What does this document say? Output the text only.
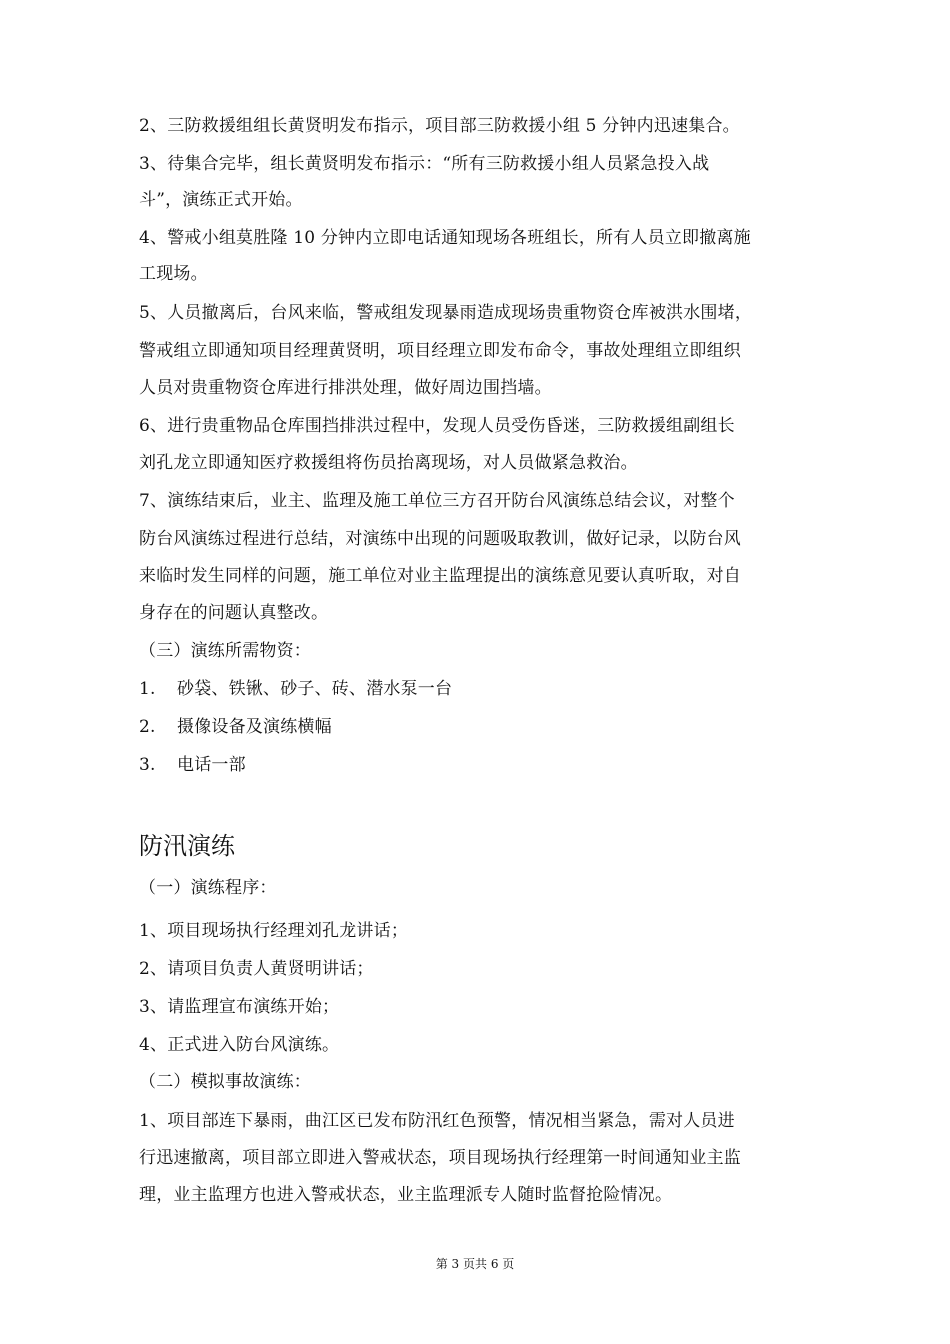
2、三防救援组组长黄贤明发布指示，项目部三防救援小组 5 分钟内迅速集合。
3、待集合完毕，组长黄贤明发布指示：“所有三防救援小组人员紧急投入战
斗”，演练正式开始。
4、警戒小组莫胜隆 10 分钟内立即电话通知现场各班组长，所有人员立即撤离施
工现场。
5、人员撤离后，台风来临，警戒组发现暴雨造成现场贵重物资仓库被洪水围堵，
警戒组立即通知项目经理黄贤明，项目经理立即发布命令，事故处理组立即组织
人员对贵重物资仓库进行排洪处理，做好周边围挡墙。
6、进行贵重物品仓库围挡排洪过程中，发现人员受伤昏迷，三防救援组副组长
刘孔龙立即通知医疗救援组将伤员抬离现场，对人员做紧急救治。
7、演练结束后，业主、监理及施工单位三方召开防台风演练总结会议，对整个
防台风演练过程进行总结，对演练中出现的问题吸取教训，做好记录，以防台风
来临时发生同样的问题，施工单位对业主监理提出的演练意见要认真听取，对自
身存在的问题认真整改。
（三）演练所需物资：
1. 砂袋、铁锹、砂子、砖、潜水泵一台
2. 摄像设备及演练横幅
3. 电话一部
防汛演练
（一）演练程序：
1、项目现场执行经理刘孔龙讲话；
2、请项目负责人黄贤明讲话；
3、请监理宣布演练开始；
4、正式进入防台风演练。
（二）模拟事故演练：
1、项目部连下暴雨，曲江区已发布防汛红色预警，情况相当紧急，需对人员进
行迅速撤离，项目部立即进入警戒状态，项目现场执行经理第一时间通知业主监
理，业主监理方也进入警戒状态，业主监理派专人随时监督抢险情况。
第 3 页共 6 页
